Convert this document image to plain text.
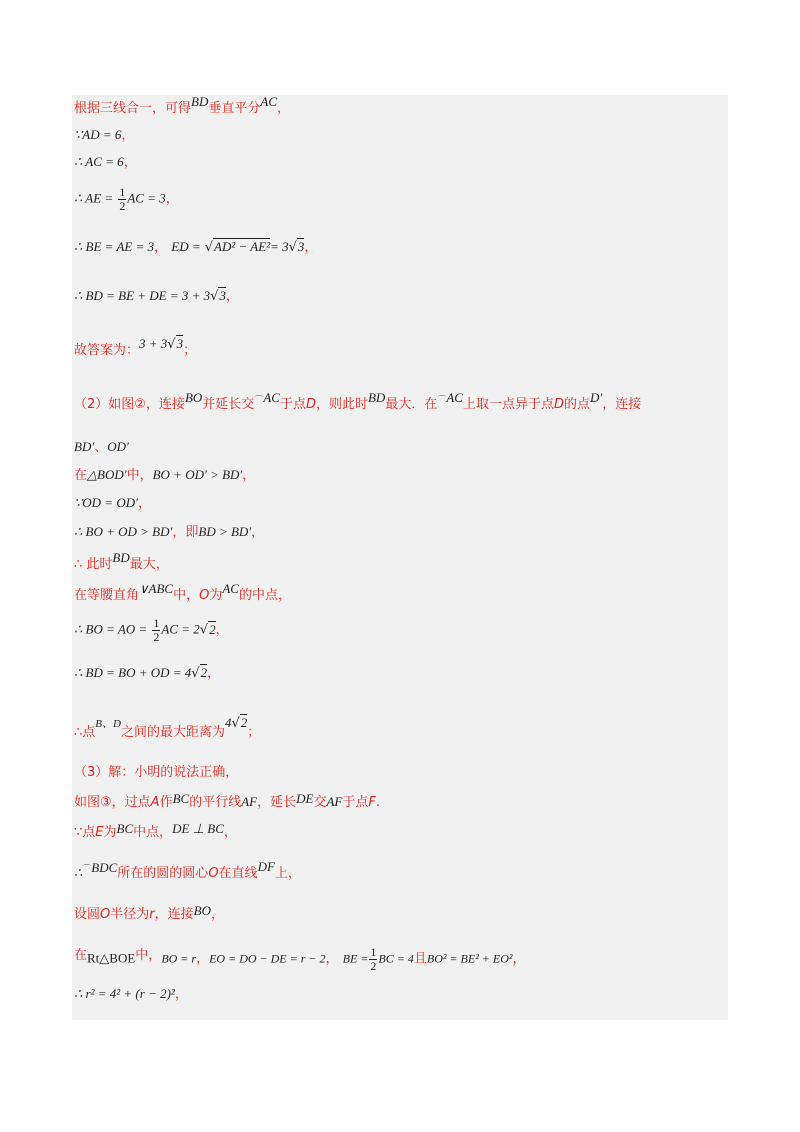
根据三线合一，可得BD垂直平分AC，
∵AD = 6，
∴ AC = 6，
∴ AE = $\frac{1}{2}$ AC = 3，
∴ BE = AE = 3， ED = √AD² − AE²= 3√3，
∴ BD = BE + DE = 3 + 3√3，
故答案为：3 + 3√3；
（2）如图②，连接BO并延长交⌒AC于点D，则此时BD最大．在⌒AC上取一点异于点D的点D′，连接
BD′、OD′
在△BOD′中，BO + OD′ > BD′，
∵OD = OD′，
∴ BO + OD > BD′，即BD > BD′，
∴ 此时BD最大，
在等腰直角∨ABC中，O为AC的中点，
∴ BO = AO = $\frac{1}{2}$ AC = 2√2，
∴ BD = BO + OD = 4√2，
∴点$^{B、D}$之间的最大距离为4√2；
（3）解：小明的说法正确，
如图③，过点A作BC的平行线AF，延长DE交AF于点F.
∵点E为BC中点，DE ⊥ BC，
∴⌒BDC所在的圆的圆心O在直线DF上，
设圆O半径为r，连接BO，
在Rt△BOE中，BO = r，EO = DO − DE = r − 2， BE = $\frac{1}{2}$ BC = 4且BO² = BE² + EO²，
∴ r² = 4² + (r − 2)²，
